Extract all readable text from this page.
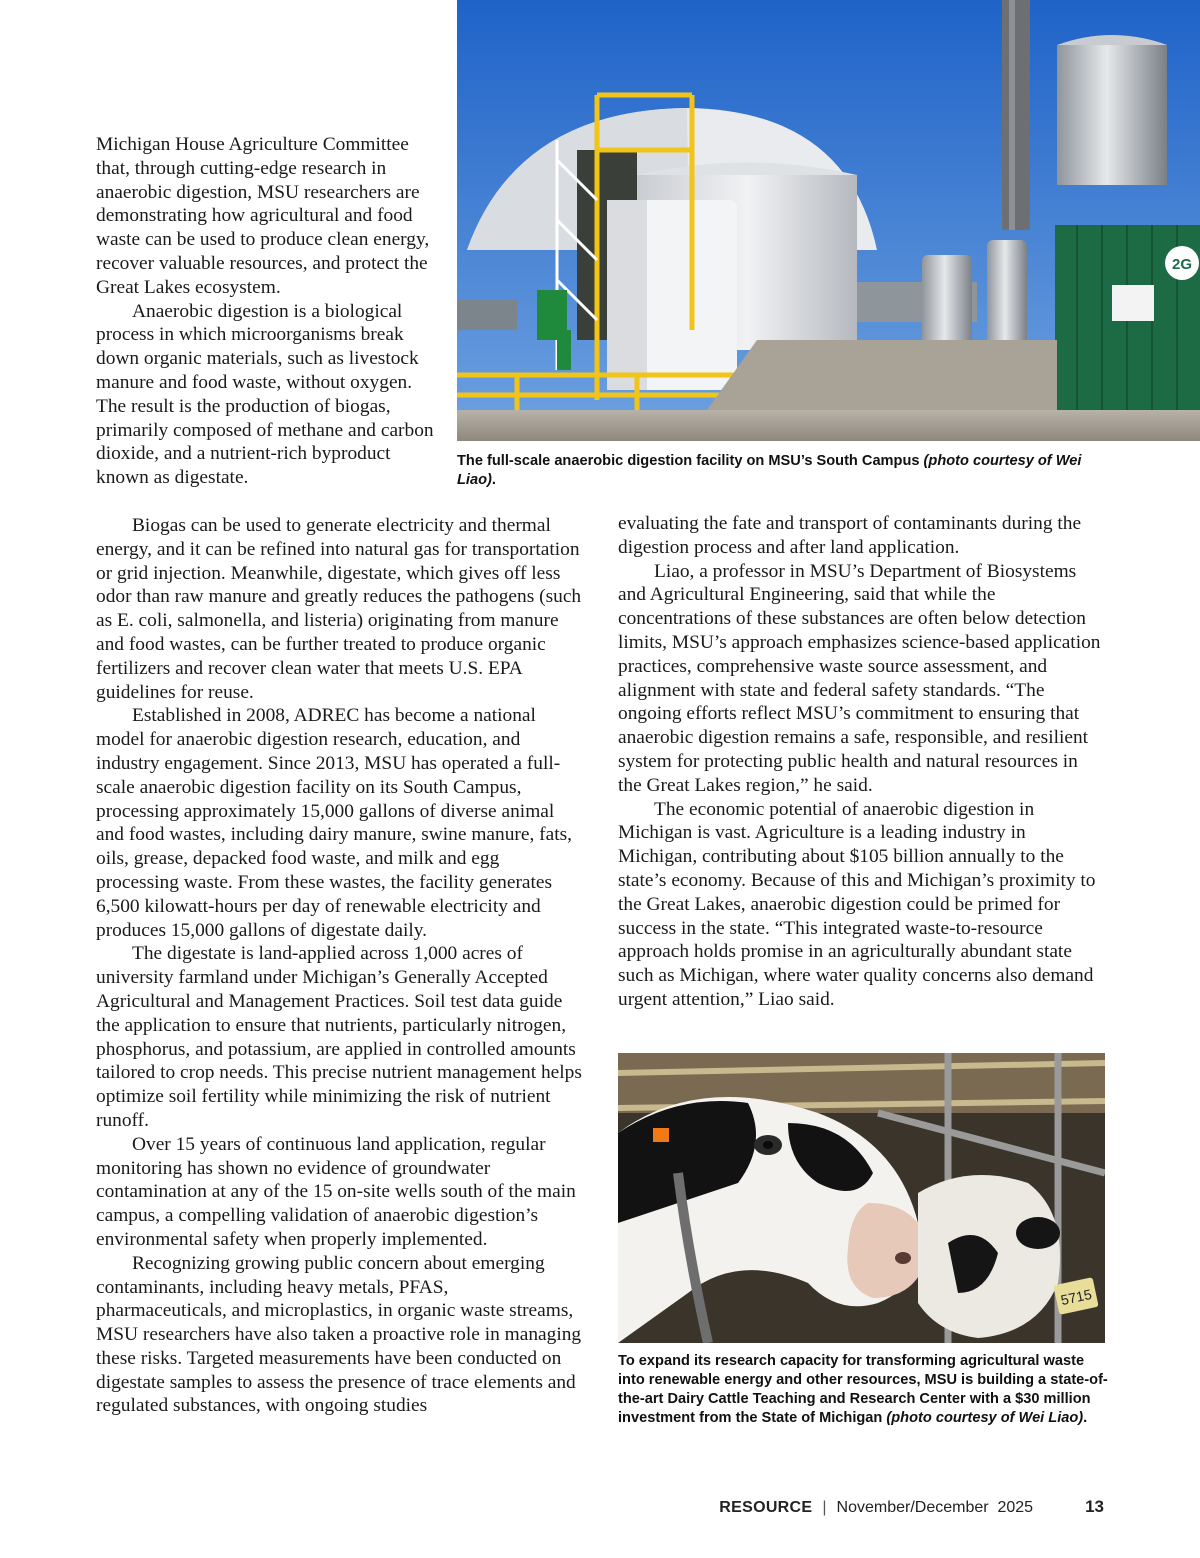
2G
The full-scale anaerobic digestion facility on MSU’s South Campus (photo courtesy of Wei Liao).

Michigan House Agriculture Committee that, through cutting-edge research in anaerobic digestion, MSU researchers are demonstrating how agricultural and food waste can be used to produce clean energy, recover valuable resources, and protect the Great Lakes ecosystem.

Anaerobic digestion is a biological process in which microorganisms break down organic materials, such as livestock manure and food waste, without oxygen. The result is the production of biogas, primarily composed of methane and carbon dioxide, and a nutrient-rich byproduct known as digestate.

Biogas can be used to generate electricity and thermal energy, and it can be refined into natural gas for transportation or grid injection. Meanwhile, digestate, which gives off less odor than raw manure and greatly reduces the pathogens (such as E. coli, salmonella, and listeria) originating from manure and food wastes, can be further treated to produce organic fertilizers and recover clean water that meets U.S. EPA guidelines for reuse.

Established in 2008, ADREC has become a national model for anaerobic digestion research, education, and industry engagement. Since 2013, MSU has operated a full-scale anaerobic digestion facility on its South Campus, processing approximately 15,000 gallons of diverse animal and food wastes, including dairy manure, swine manure, fats, oils, grease, depacked food waste, and milk and egg processing waste. From these wastes, the facility generates 6,500 kilowatt-hours per day of renewable electricity and produces 15,000 gallons of digestate daily.

The digestate is land-applied across 1,000 acres of university farmland under Michigan’s Generally Accepted Agricultural and Management Practices. Soil test data guide the application to ensure that nutrients, particularly nitrogen, phosphorus, and potassium, are applied in controlled amounts tailored to crop needs. This precise nutrient management helps optimize soil fertility while minimizing the risk of nutrient runoff.

Over 15 years of continuous land application, regular monitoring has shown no evidence of groundwater contamination at any of the 15 on-site wells south of the main campus, a compelling validation of anaerobic digestion’s environmental safety when properly implemented.

Recognizing growing public concern about emerging contaminants, including heavy metals, PFAS, pharmaceuticals, and microplastics, in organic waste streams, MSU researchers have also taken a proactive role in managing these risks. Targeted measurements have been conducted on digestate samples to assess the presence of trace elements and regulated substances, with ongoing studies

evaluating the fate and transport of contaminants during the digestion process and after land application.

Liao, a professor in MSU’s Department of Biosystems and Agricultural Engineering, said that while the concentrations of these substances are often below detection limits, MSU’s approach emphasizes science-based application practices, comprehensive waste source assessment, and alignment with state and federal safety standards. “The ongoing efforts reflect MSU’s commitment to ensuring that anaerobic digestion remains a safe, responsible, and resilient system for protecting public health and natural resources in the Great Lakes region,” he said.

The economic potential of anaerobic digestion in Michigan is vast. Agriculture is a leading industry in Michigan, contributing about $105 billion annually to the state’s economy. Because of this and Michigan’s proximity to the Great Lakes, anaerobic digestion could be primed for success in the state. “This integrated waste-to-resource approach holds promise in an agriculturally abundant state such as Michigan, where water quality concerns also demand urgent attention,” Liao said.

5715
To expand its research capacity for transforming agricultural waste into renewable energy and other resources, MSU is building a state-of-the-art Dairy Cattle Teaching and Research Center with a $30 million investment from the State of Michigan (photo courtesy of Wei Liao).
RESOURCE | November/December  2025	13
